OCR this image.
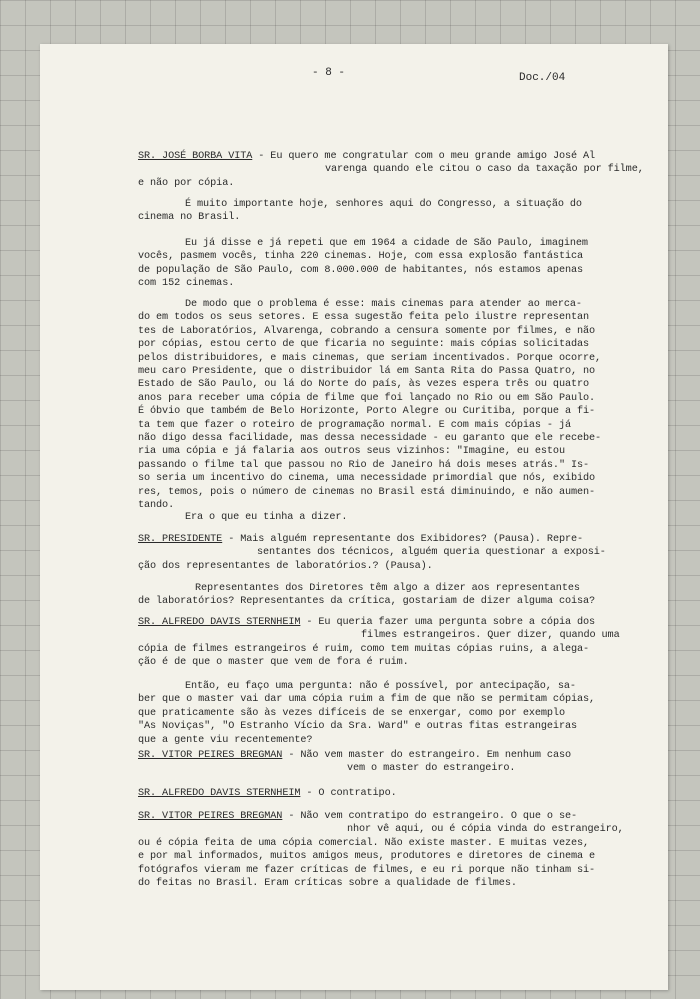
- 8 -	Doc./04
SR. JOSÉ BORBA VITA - Eu quero me congratular com o meu grande amigo José Al
varenga quando ele citou o caso da taxação por filme,
e não por cópia.
É muito importante hoje, senhores aqui do Congresso, a situação do
cinema no Brasil.
Eu já disse e já repeti que em 1964 a cidade de São Paulo, imaginem
vocês, pasmem vocês, tinha 220 cinemas. Hoje, com essa explosão fantástica
de população de São Paulo, com 8.000.000 de habitantes, nós estamos apenas
com 152 cinemas.
De modo que o problema é esse: mais cinemas para atender ao merca-
do em todos os seus setores. E essa sugestão feita pelo ilustre representan
tes de Laboratórios, Alvarenga, cobrando a censura somente por filmes, e não
por cópias, estou certo de que ficaria no seguinte: mais cópias solicitadas
pelos distribuidores, e mais cinemas, que seriam incentivados. Porque ocorre,
meu caro Presidente, que o distribuidor lá em Santa Rita do Passa Quatro, no
Estado de São Paulo, ou lá do Norte do país, às vezes espera três ou quatro
anos para receber uma cópia de filme que foi lançado no Rio ou em São Paulo.
É óbvio que também de Belo Horizonte, Porto Alegre ou Curitiba, porque a fi-
ta tem que fazer o roteiro de programação normal. E com mais cópias - já
não digo dessa facilidade, mas dessa necessidade - eu garanto que ele recebe-
ria uma cópia e já falaria aos outros seus vizinhos: "Imagine, eu estou
passando o filme tal que passou no Rio de Janeiro há dois meses atrás." Is-
so seria um incentivo do cinema, uma necessidade primordial que nós, exibido
res, temos, pois o número de cinemas no Brasil está diminuindo, e não aumen-
tando.
Era o que eu tinha a dizer.
SR. PRESIDENTE - Mais alguém representante dos Exibidores? (Pausa). Repre-
sentantes dos técnicos, alguém queria questionar a exposi-
ção dos representantes de laboratórios.? (Pausa).
Representantes dos Diretores têm algo a dizer aos representantes
de laboratórios? Representantes da crítica, gostariam de dizer alguma coisa?
SR. ALFREDO DAVIS STERNHEIM - Eu queria fazer uma pergunta sobre a cópia dos
filmes estrangeiros. Quer dizer, quando uma
cópia de filmes estrangeiros é ruim, como tem muitas cópias ruins, a alega-
ção é de que o master que vem de fora é ruim.
Então, eu faço uma pergunta: não é possível, por antecipação, sa-
ber que o master vai dar uma cópia ruim a fim de que não se permitam cópias,
que praticamente são às vezes difíceis de se enxergar, como por exemplo
"As Noviças", "O Estranho Vício da Sra. Ward" e outras fitas estrangeiras
que a gente viu recentemente?
SR. VITOR PEIRES BREGMAN - Não vem master do estrangeiro. Em nenhum caso
vem o master do estrangeiro.
SR. ALFREDO DAVIS STERNHEIM - O contratipo.
SR. VITOR PEIRES BREGMAN - Não vem contratipo do estrangeiro. O que o se-
nhor vê aqui, ou é cópia vinda do estrangeiro,
ou é cópia feita de uma cópia comercial. Não existe master. E muitas vezes,
e por mal informados, muitos amigos meus, produtores e diretores de cinema e
fotógrafos vieram me fazer críticas de filmes, e eu ri porque não tinham si-
do feitas no Brasil. Eram críticas sobre a qualidade de filmes.
